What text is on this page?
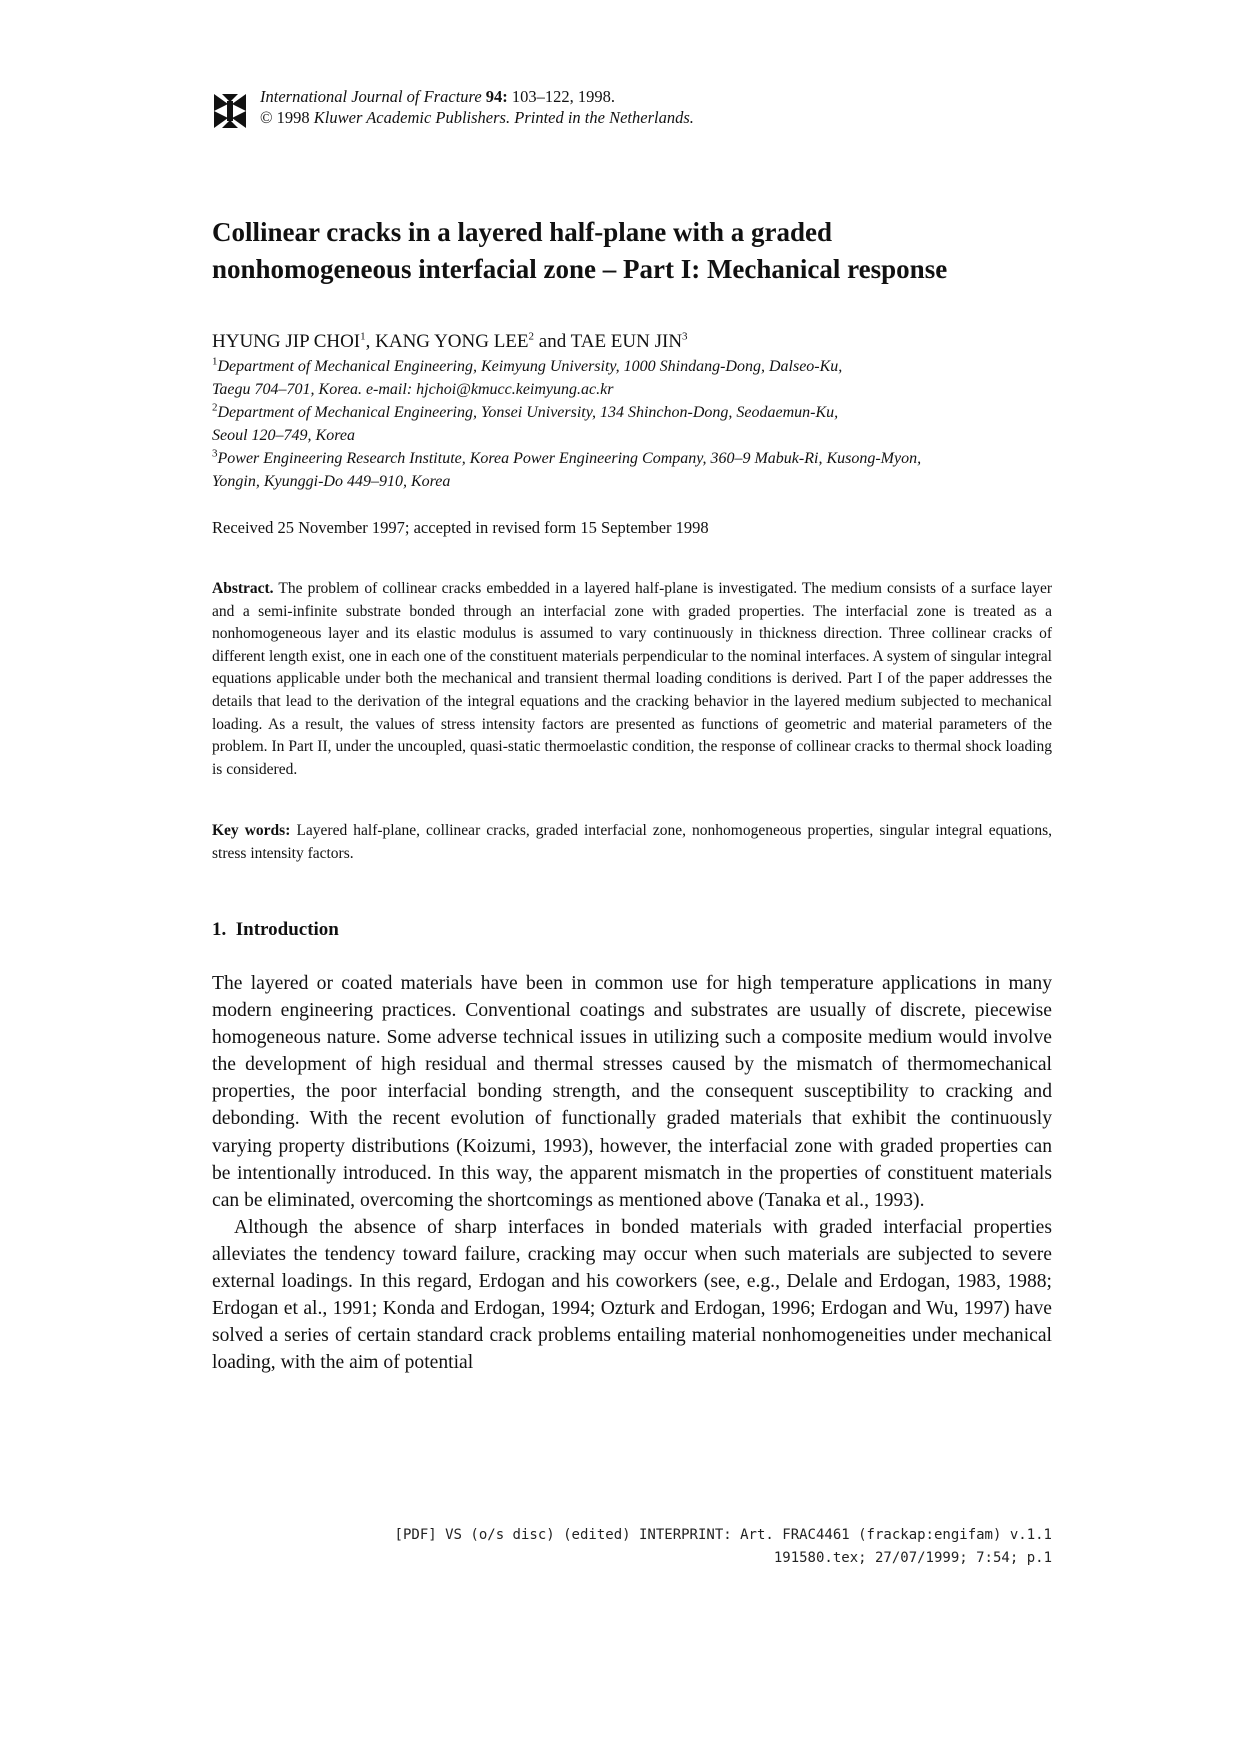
International Journal of Fracture 94: 103–122, 1998.
© 1998 Kluwer Academic Publishers. Printed in the Netherlands.
Collinear cracks in a layered half-plane with a graded
nonhomogeneous interfacial zone – Part I: Mechanical response
HYUNG JIP CHOI$^1$, KANG YONG LEE$^2$ and TAE EUN JIN$^3$
$^1$Department of Mechanical Engineering, Keimyung University, 1000 Shindang-Dong, Dalseo-Ku,
Taegu 704–701, Korea. e-mail: hjchoi@kmucc.keimyung.ac.kr
$^2$Department of Mechanical Engineering, Yonsei University, 134 Shinchon-Dong, Seodaemun-Ku,
Seoul 120–749, Korea
$^3$Power Engineering Research Institute, Korea Power Engineering Company, 360–9 Mabuk-Ri, Kusong-Myon,
Yongin, Kyunggi-Do 449–910, Korea
Received 25 November 1997; accepted in revised form 15 September 1998

Abstract. The problem of collinear cracks embedded in a layered half-plane is investigated. The medium consists of a surface layer and a semi-infinite substrate bonded through an interfacial zone with graded properties. The interfacial zone is treated as a nonhomogeneous layer and its elastic modulus is assumed to vary continuously in thickness direction. Three collinear cracks of different length exist, one in each one of the constituent materials perpendicular to the nominal interfaces. A system of singular integral equations applicable under both the mechanical and transient thermal loading conditions is derived. Part I of the paper addresses the details that lead to the derivation of the integral equations and the cracking behavior in the layered medium subjected to mechanical loading. As a result, the values of stress intensity factors are presented as functions of geometric and material parameters of the problem. In Part II, under the uncoupled, quasi-static thermoelastic condition, the response of collinear cracks to thermal shock loading is considered.

Key words: Layered half-plane, collinear cracks, graded interfacial zone, nonhomogeneous properties, singular integral equations, stress intensity factors.

1. Introduction

The layered or coated materials have been in common use for high temperature applications in many modern engineering practices. Conventional coatings and substrates are usually of discrete, piecewise homogeneous nature. Some adverse technical issues in utilizing such a composite medium would involve the development of high residual and thermal stresses caused by the mismatch of thermomechanical properties, the poor interfacial bonding strength, and the consequent susceptibility to cracking and debonding. With the recent evolution of functionally graded materials that exhibit the continuously varying property distributions (Koizumi, 1993), however, the interfacial zone with graded properties can be intentionally introduced. In this way, the apparent mismatch in the properties of constituent materials can be eliminated, overcoming the shortcomings as mentioned above (Tanaka et al., 1993).

Although the absence of sharp interfaces in bonded materials with graded interfacial properties alleviates the tendency toward failure, cracking may occur when such materials are subjected to severe external loadings. In this regard, Erdogan and his coworkers (see, e.g., Delale and Erdogan, 1983, 1988; Erdogan et al., 1991; Konda and Erdogan, 1994; Ozturk and Erdogan, 1996; Erdogan and Wu, 1997) have solved a series of certain standard crack problems entailing material nonhomogeneities under mechanical loading, with the aim of potential

[PDF] VS (o/s disc) (edited) INTERPRINT: Art. FRAC4461 (frackap:engifam) v.1.1
191580.tex; 27/07/1999; 7:54; p.1
